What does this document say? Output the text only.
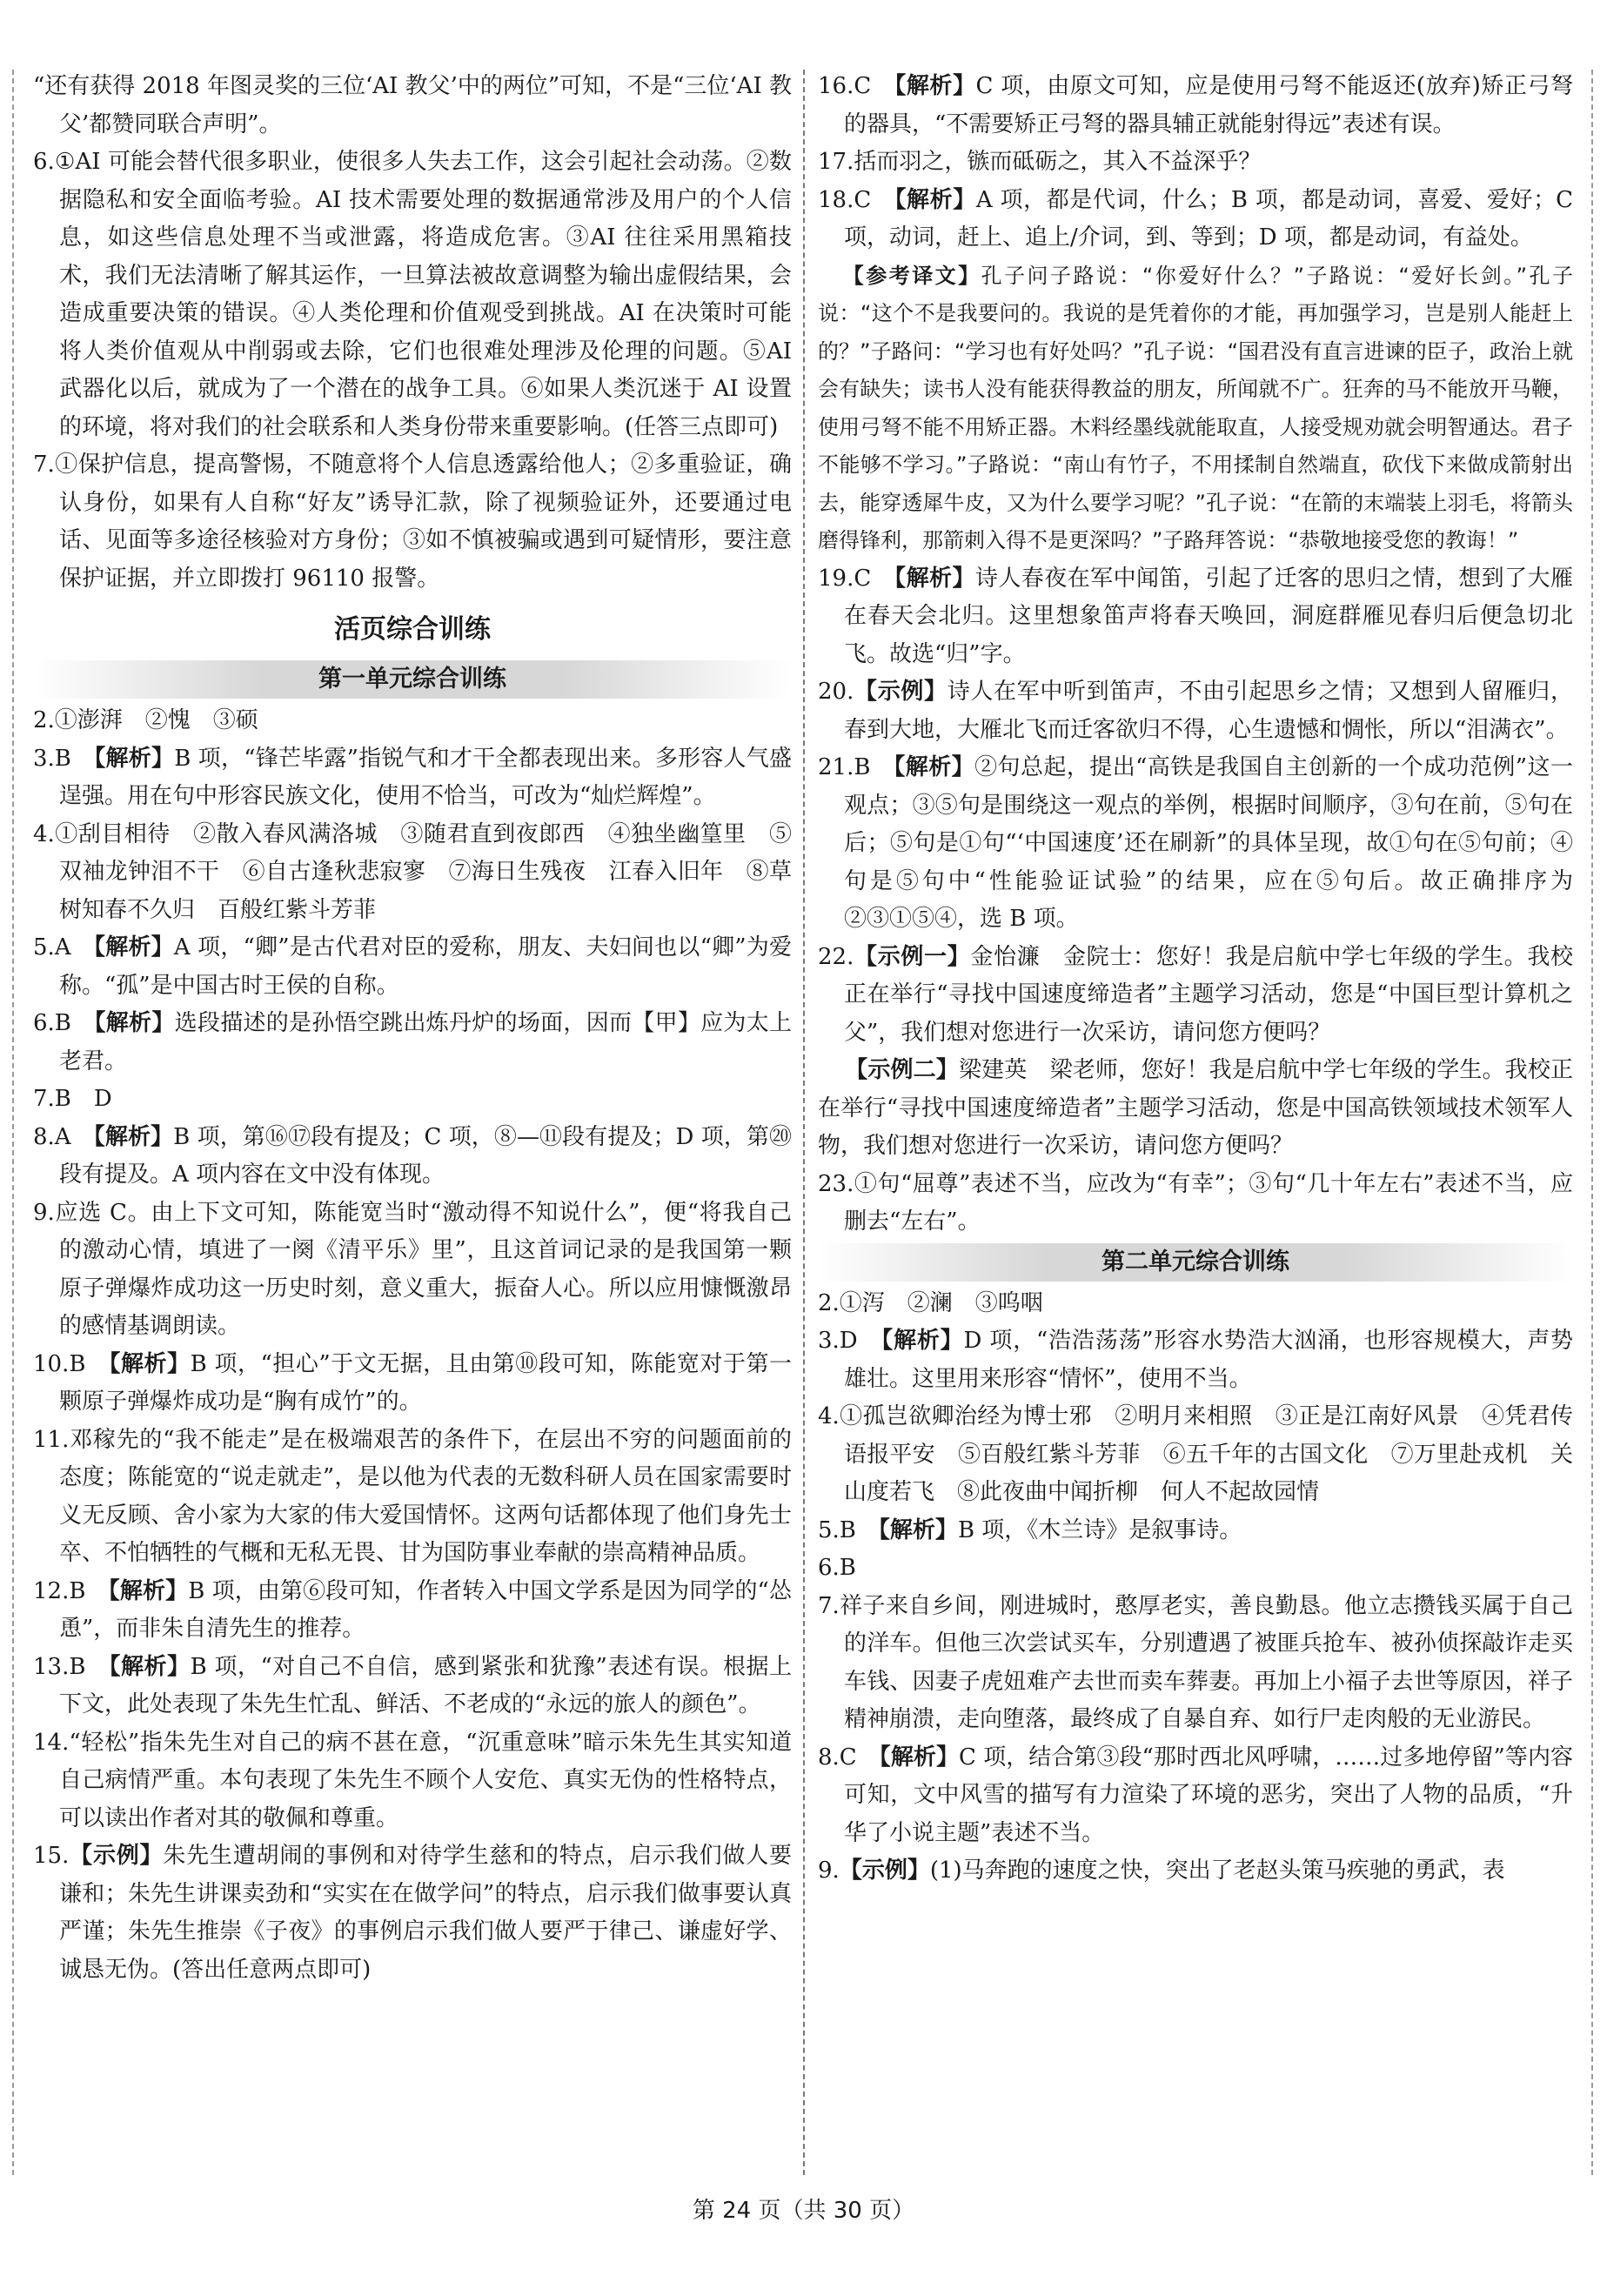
“还有获得 2018 年图灵奖的三位‘AI 教父’中的两位”可知，不是“三位‘AI 教父’都赞同联合声明”。
6.①AI 可能会替代很多职业，使很多人失去工作，这会引起社会动荡。②数据隐私和安全面临考验。AI 技术需要处理的数据通常涉及用户的个人信息，如这些信息处理不当或泄露，将造成危害。③AI 往往采用黑箱技术，我们无法清晰了解其运作，一旦算法被故意调整为输出虚假结果，会造成重要决策的错误。④人类伦理和价值观受到挑战。AI 在决策时可能将人类价值观从中削弱或去除，它们也很难处理涉及伦理的问题。⑤AI 武器化以后，就成为了一个潜在的战争工具。⑥如果人类沉迷于 AI 设置的环境，将对我们的社会联系和人类身份带来重要影响。(任答三点即可)
7.①保护信息，提高警惕，不随意将个人信息透露给他人；②多重验证，确认身份，如果有人自称“好友”诱导汇款，除了视频验证外，还要通过电话、见面等多途径核验对方身份；③如不慎被骗或遇到可疑情形，要注意保护证据，并立即拨打 96110 报警。
活页综合训练
第一单元综合训练
2.①澎湃　②愧　③硕
3.B　【解析】B 项，“锋芒毕露”指锐气和才干全都表现出来。多形容人气盛逞强。用在句中形容民族文化，使用不恰当，可改为“灿烂辉煌”。
4.①刮目相待　②散入春风满洛城　③随君直到夜郎西　④独坐幽篁里　⑤双袖龙钟泪不干　⑥自古逢秋悲寂寥　⑦海日生残夜　江春入旧年　⑧草树知春不久归　百般红紫斗芳菲
5.A　【解析】A 项，“卿”是古代君对臣的爱称，朋友、夫妇间也以“卿”为爱称。“孤”是中国古时王侯的自称。
6.B　【解析】选段描述的是孙悟空跳出炼丹炉的场面，因而【甲】应为太上老君。
7.B　D
8.A　【解析】B 项，第⑯⑰段有提及；C 项，⑧—⑪段有提及；D 项，第⑳段有提及。A 项内容在文中没有体现。
9.应选 C。由上下文可知，陈能宽当时“激动得不知说什么”，便“将我自己的激动心情，填进了一阕《清平乐》里”，且这首词记录的是我国第一颗原子弹爆炸成功这一历史时刻，意义重大，振奋人心。所以应用慷慨激昂的感情基调朗读。
10.B　【解析】B 项，“担心”于文无据，且由第⑩段可知，陈能宽对于第一颗原子弹爆炸成功是“胸有成竹”的。
11.邓稼先的“我不能走”是在极端艰苦的条件下，在层出不穷的问题面前的态度；陈能宽的“说走就走”，是以他为代表的无数科研人员在国家需要时义无反顾、舍小家为大家的伟大爱国情怀。这两句话都体现了他们身先士卒、不怕牺牲的气概和无私无畏、甘为国防事业奉献的崇高精神品质。
12.B　【解析】B 项，由第⑥段可知，作者转入中国文学系是因为同学的“怂恿”，而非朱自清先生的推荐。
13.B　【解析】B 项，“对自己不自信，感到紧张和犹豫”表述有误。根据上下文，此处表现了朱先生忙乱、鲜活、不老成的“永远的旅人的颜色”。
14.“轻松”指朱先生对自己的病不甚在意，“沉重意味”暗示朱先生其实知道自己病情严重。本句表现了朱先生不顾个人安危、真实无伪的性格特点，可以读出作者对其的敬佩和尊重。
15.【示例】朱先生遭胡闹的事例和对待学生慈和的特点，启示我们做人要谦和；朱先生讲课卖劲和“实实在在做学问”的特点，启示我们做事要认真严谨；朱先生推崇《子夜》的事例启示我们做人要严于律己、谦虚好学、诚恳无伪。(答出任意两点即可)
16.C　【解析】C 项，由原文可知，应是使用弓弩不能返还(放弃)矫正弓弩的器具，“不需要矫正弓弩的器具辅正就能射得远”表述有误。
17.括而羽之，镞而砥砺之，其入不益深乎？
18.C　【解析】A 项，都是代词，什么；B 项，都是动词，喜爱、爱好；C 项，动词，赶上、追上/介词，到、等到；D 项，都是动词，有益处。
【参考译文】孔子问子路说：“你爱好什么？”子路说：“爱好长剑。”孔子说：“这个不是我要问的。我说的是凭着你的才能，再加强学习，岂是别人能赶上的？”子路问：“学习也有好处吗？”孔子说：“国君没有直言进谏的臣子，政治上就会有缺失；读书人没有能获得教益的朋友，所闻就不广。狂奔的马不能放开马鞭，使用弓弩不能不用矫正器。木料经墨线就能取直，人接受规劝就会明智通达。君子不能够不学习。”子路说：“南山有竹子，不用揉制自然端直，砍伐下来做成箭射出去，能穿透犀牛皮，又为什么要学习呢？”孔子说：“在箭的末端装上羽毛，将箭头磨得锋利，那箭刺入得不是更深吗？”子路拜答说：“恭敬地接受您的教诲！”
19.C　【解析】诗人春夜在军中闻笛，引起了迁客的思归之情，想到了大雁在春天会北归。这里想象笛声将春天唤回，洞庭群雁见春归后便急切北飞。故选“归”字。
20.【示例】诗人在军中听到笛声，不由引起思乡之情；又想到人留雁归，春到大地，大雁北飞而迁客欲归不得，心生遗憾和惆怅，所以“泪满衣”。
21.B　【解析】②句总起，提出“高铁是我国自主创新的一个成功范例”这一观点；③⑤句是围绕这一观点的举例，根据时间顺序，③句在前，⑤句在后；⑤句是①句“‘中国速度’还在刷新”的具体呈现，故①句在⑤句前；④句是⑤句中“性能验证试验”的结果，应在⑤句后。故正确排序为②③①⑤④，选 B 项。
22.【示例一】金怡濂　金院士：您好！我是启航中学七年级的学生。我校正在举行“寻找中国速度缔造者”主题学习活动，您是“中国巨型计算机之父”，我们想对您进行一次采访，请问您方便吗？
【示例二】梁建英　梁老师，您好！我是启航中学七年级的学生。我校正在举行“寻找中国速度缔造者”主题学习活动，您是中国高铁领域技术领军人物，我们想对您进行一次采访，请问您方便吗？
23.①句“屈尊”表述不当，应改为“有幸”；③句“几十年左右”表述不当，应删去“左右”。
第二单元综合训练
2.①泻　②澜　③呜咽
3.D　【解析】D 项，“浩浩荡荡”形容水势浩大汹涌，也形容规模大，声势雄壮。这里用来形容“情怀”，使用不当。
4.①孤岂欲卿治经为博士邪　②明月来相照　③正是江南好风景　④凭君传语报平安　⑤百般红紫斗芳菲　⑥五千年的古国文化　⑦万里赴戎机　关山度若飞　⑧此夜曲中闻折柳　何人不起故园情
5.B　【解析】B 项，《木兰诗》是叙事诗。
6.B
7.祥子来自乡间，刚进城时，憨厚老实，善良勤恳。他立志攒钱买属于自己的洋车。但他三次尝试买车，分别遭遇了被匪兵抢车、被孙侦探敲诈走买车钱、因妻子虎妞难产去世而卖车葬妻。再加上小福子去世等原因，祥子精神崩溃，走向堕落，最终成了自暴自弃、如行尸走肉般的无业游民。
8.C　【解析】C 项，结合第③段“那时西北风呼啸，……过多地停留”等内容可知，文中风雪的描写有力渲染了环境的恶劣，突出了人物的品质，“升华了小说主题”表述不当。
9.【示例】(1)马奔跑的速度之快，突出了老赵头策马疾驰的勇武，表
第 24 页（共 30 页）
